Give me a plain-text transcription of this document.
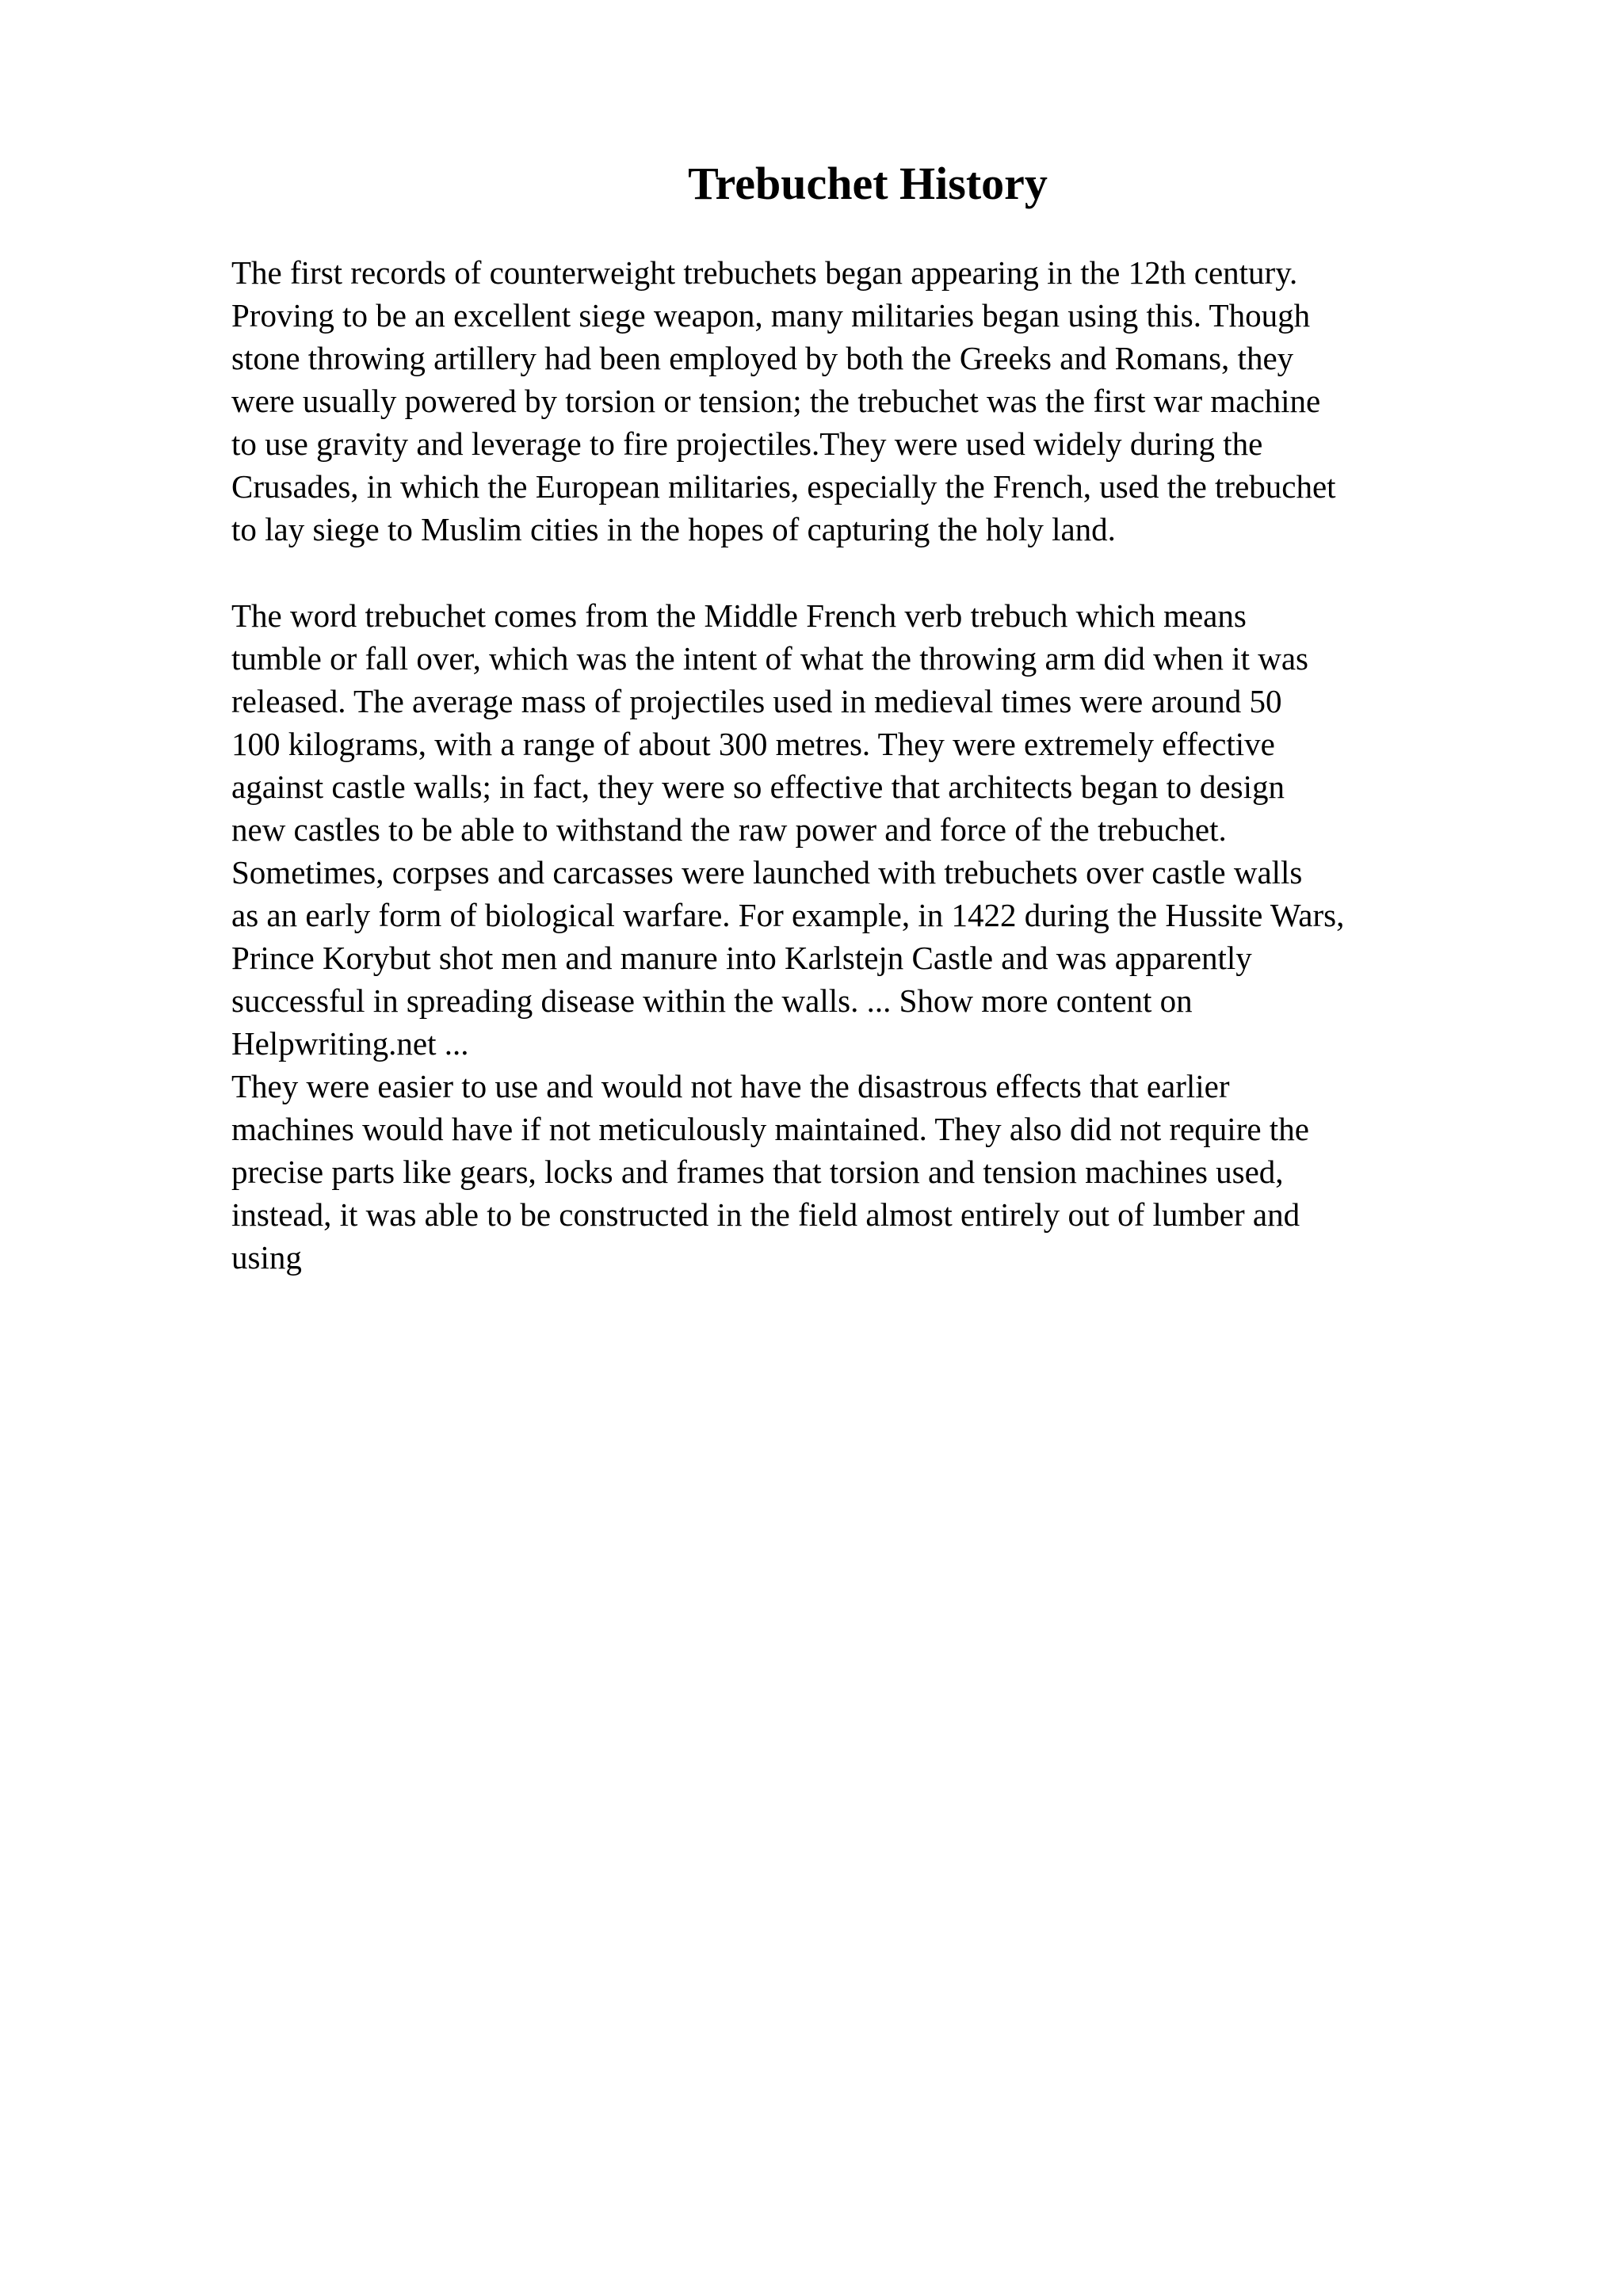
Trebuchet History

The first records of counterweight trebuchets began appearing in the 12th century.

Proving to be an excellent siege weapon, many militaries began using this. Though

stone throwing artillery had been employed by both the Greeks and Romans, they

were usually powered by torsion or tension; the trebuchet was the first war machine

to use gravity and leverage to fire projectiles.They were used widely during the

Crusades, in which the European militaries, especially the French, used the trebuchet

to lay siege to Muslim cities in the hopes of capturing the holy land.

The word trebuchet comes from the Middle French verb trebuch which means

tumble or fall over, which was the intent of what the throwing arm did when it was

released. The average mass of projectiles used in medieval times were around 50

100 kilograms, with a range of about 300 metres. They were extremely effective

against castle walls; in fact, they were so effective that architects began to design

new castles to be able to withstand the raw power and force of the trebuchet.

Sometimes, corpses and carcasses were launched with trebuchets over castle walls

as an early form of biological warfare. For example, in 1422 during the Hussite Wars,

Prince Korybut shot men and manure into Karlstejn Castle and was apparently

successful in spreading disease within the walls. ... Show more content on

Helpwriting.net ...

They were easier to use and would not have the disastrous effects that earlier

machines would have if not meticulously maintained. They also did not require the

precise parts like gears, locks and frames that torsion and tension machines used,

instead, it was able to be constructed in the field almost entirely out of lumber and

using
